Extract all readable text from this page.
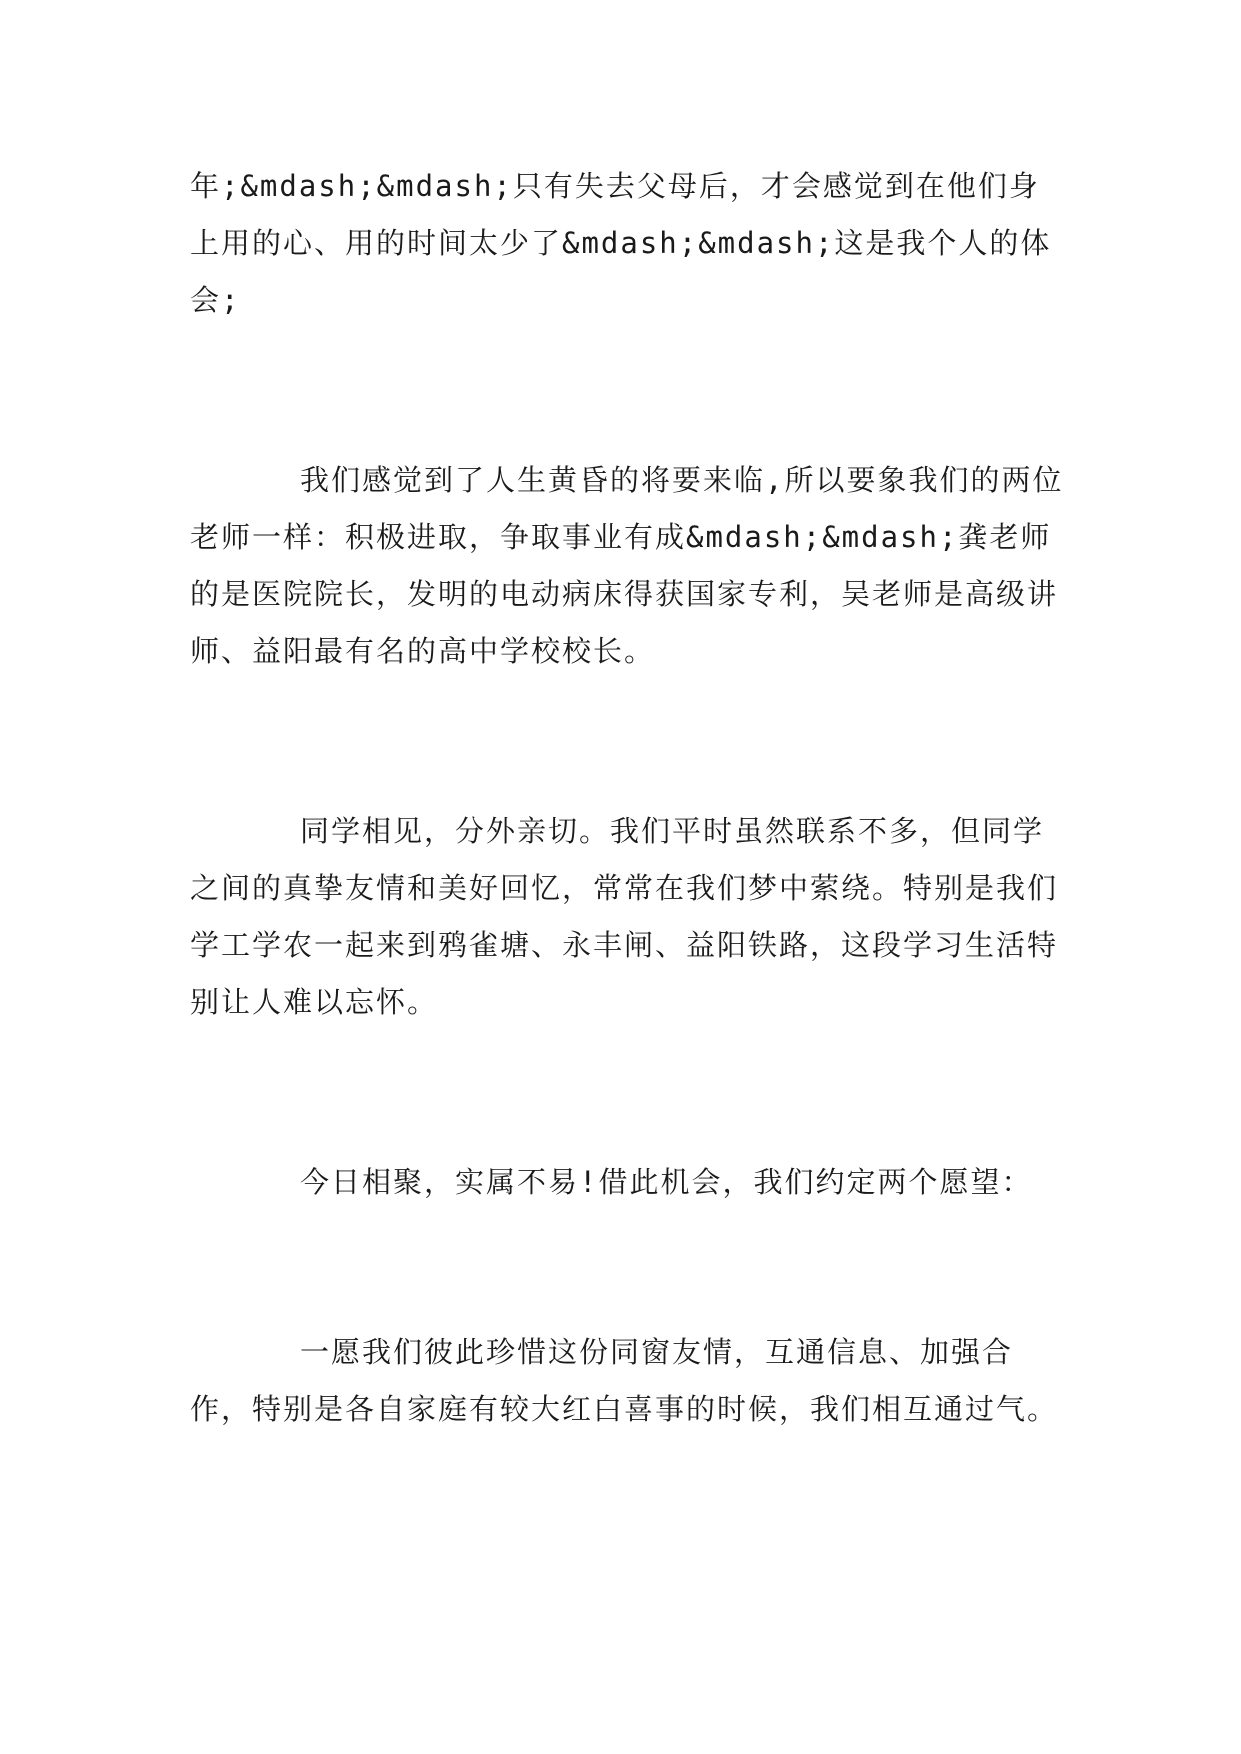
年;&mdash;&mdash;只有失去父母后，才会感觉到在他们身上用的心、用的时间太少了&mdash;&mdash;这是我个人的体会;

我们感觉到了人生黄昏的将要来临,所以要象我们的两位老师一样：积极进取，争取事业有成&mdash;&mdash;龚老师的是医院院长，发明的电动病床得获国家专利，吴老师是高级讲师、益阳最有名的高中学校校长。

同学相见，分外亲切。我们平时虽然联系不多，但同学之间的真挚友情和美好回忆，常常在我们梦中萦绕。特别是我们学工学农一起来到鸦雀塘、永丰闸、益阳铁路，这段学习生活特别让人难以忘怀。

今日相聚，实属不易!借此机会，我们约定两个愿望：

一愿我们彼此珍惜这份同窗友情，互通信息、加强合作，特别是各自家庭有较大红白喜事的时候，我们相互通过气。
